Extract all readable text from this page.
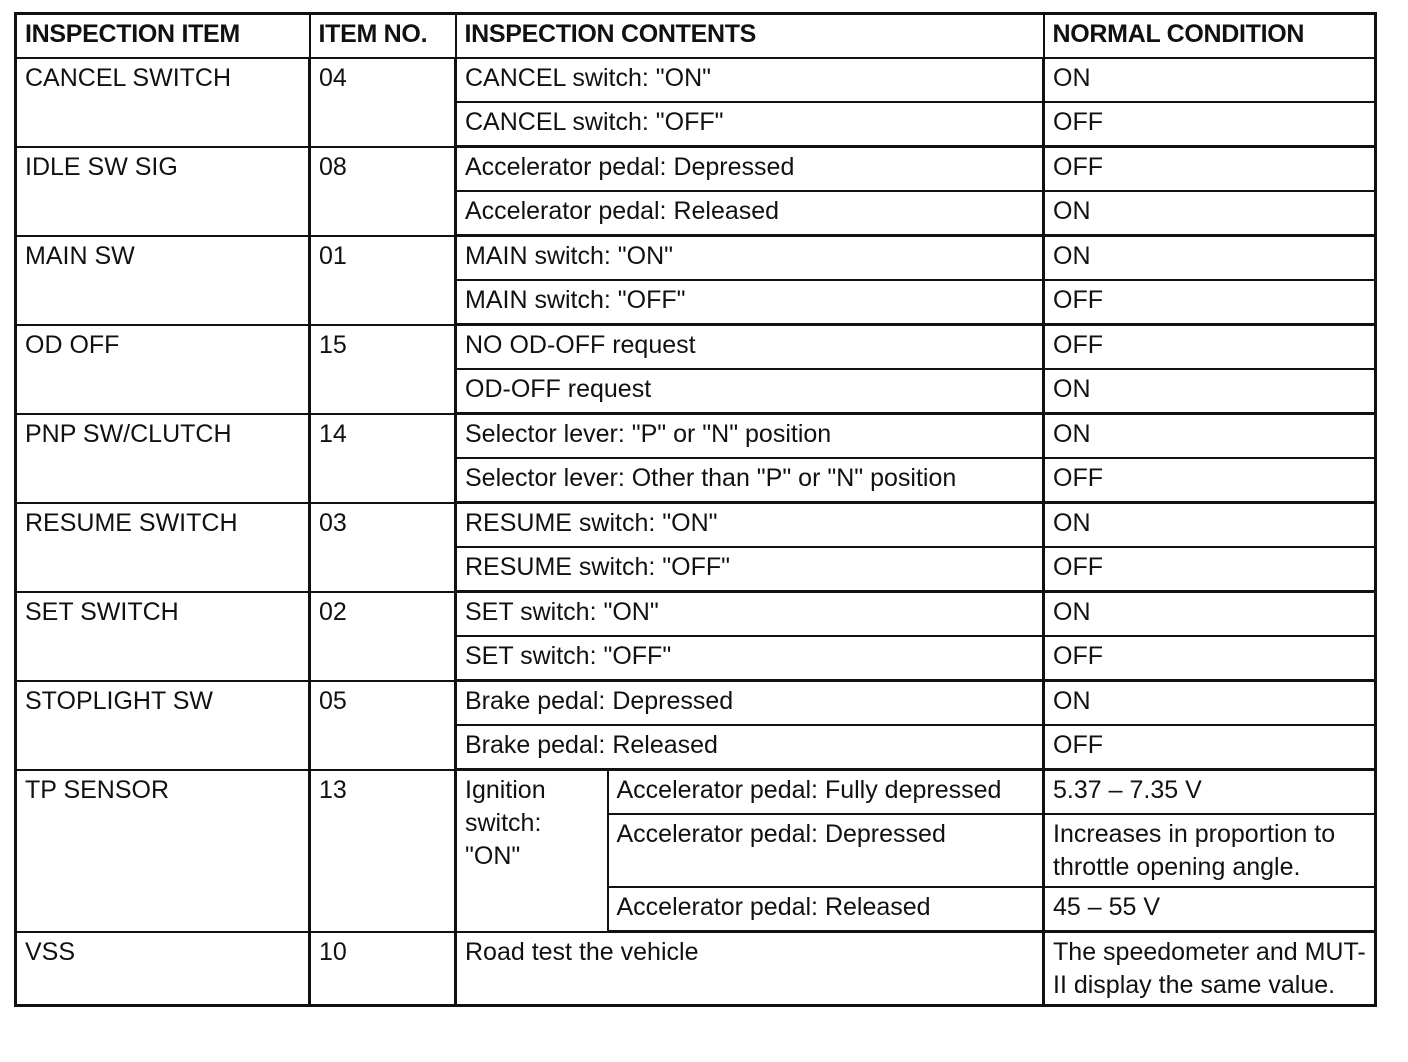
INSPECTION ITEM	ITEM NO.	INSPECTION CONTENTS		NORMAL CONDITION
CANCEL SWITCH	04	CANCEL switch: "ON"		ON
		CANCEL switch: "OFF"		OFF
IDLE SW SIG	08	Accelerator pedal: Depressed		OFF
		Accelerator pedal: Released		ON
MAIN SW	01	MAIN switch: "ON"		ON
		MAIN switch: "OFF"		OFF
OD OFF	15	NO OD-OFF request		OFF
		OD-OFF request		ON
PNP SW/CLUTCH	14	Selector lever: "P" or "N" position		ON
		Selector lever: Other than "P" or "N" position		OFF
RESUME SWITCH	03	RESUME switch: "ON"		ON
		RESUME switch: "OFF"		OFF
SET SWITCH	02	SET switch: "ON"		ON
		SET switch: "OFF"		OFF
STOPLIGHT SW	05	Brake pedal: Depressed		ON
		Brake pedal: Released		OFF
TP SENSOR	13	Ignition switch: "ON"	Accelerator pedal: Fully depressed	5.37 – 7.35 V
			Accelerator pedal: Depressed	Increases in proportion to throttle opening angle.
			Accelerator pedal: Released	45 – 55 V
VSS	10	Road test the vehicle		The speedometer and MUT-II display the same value.
